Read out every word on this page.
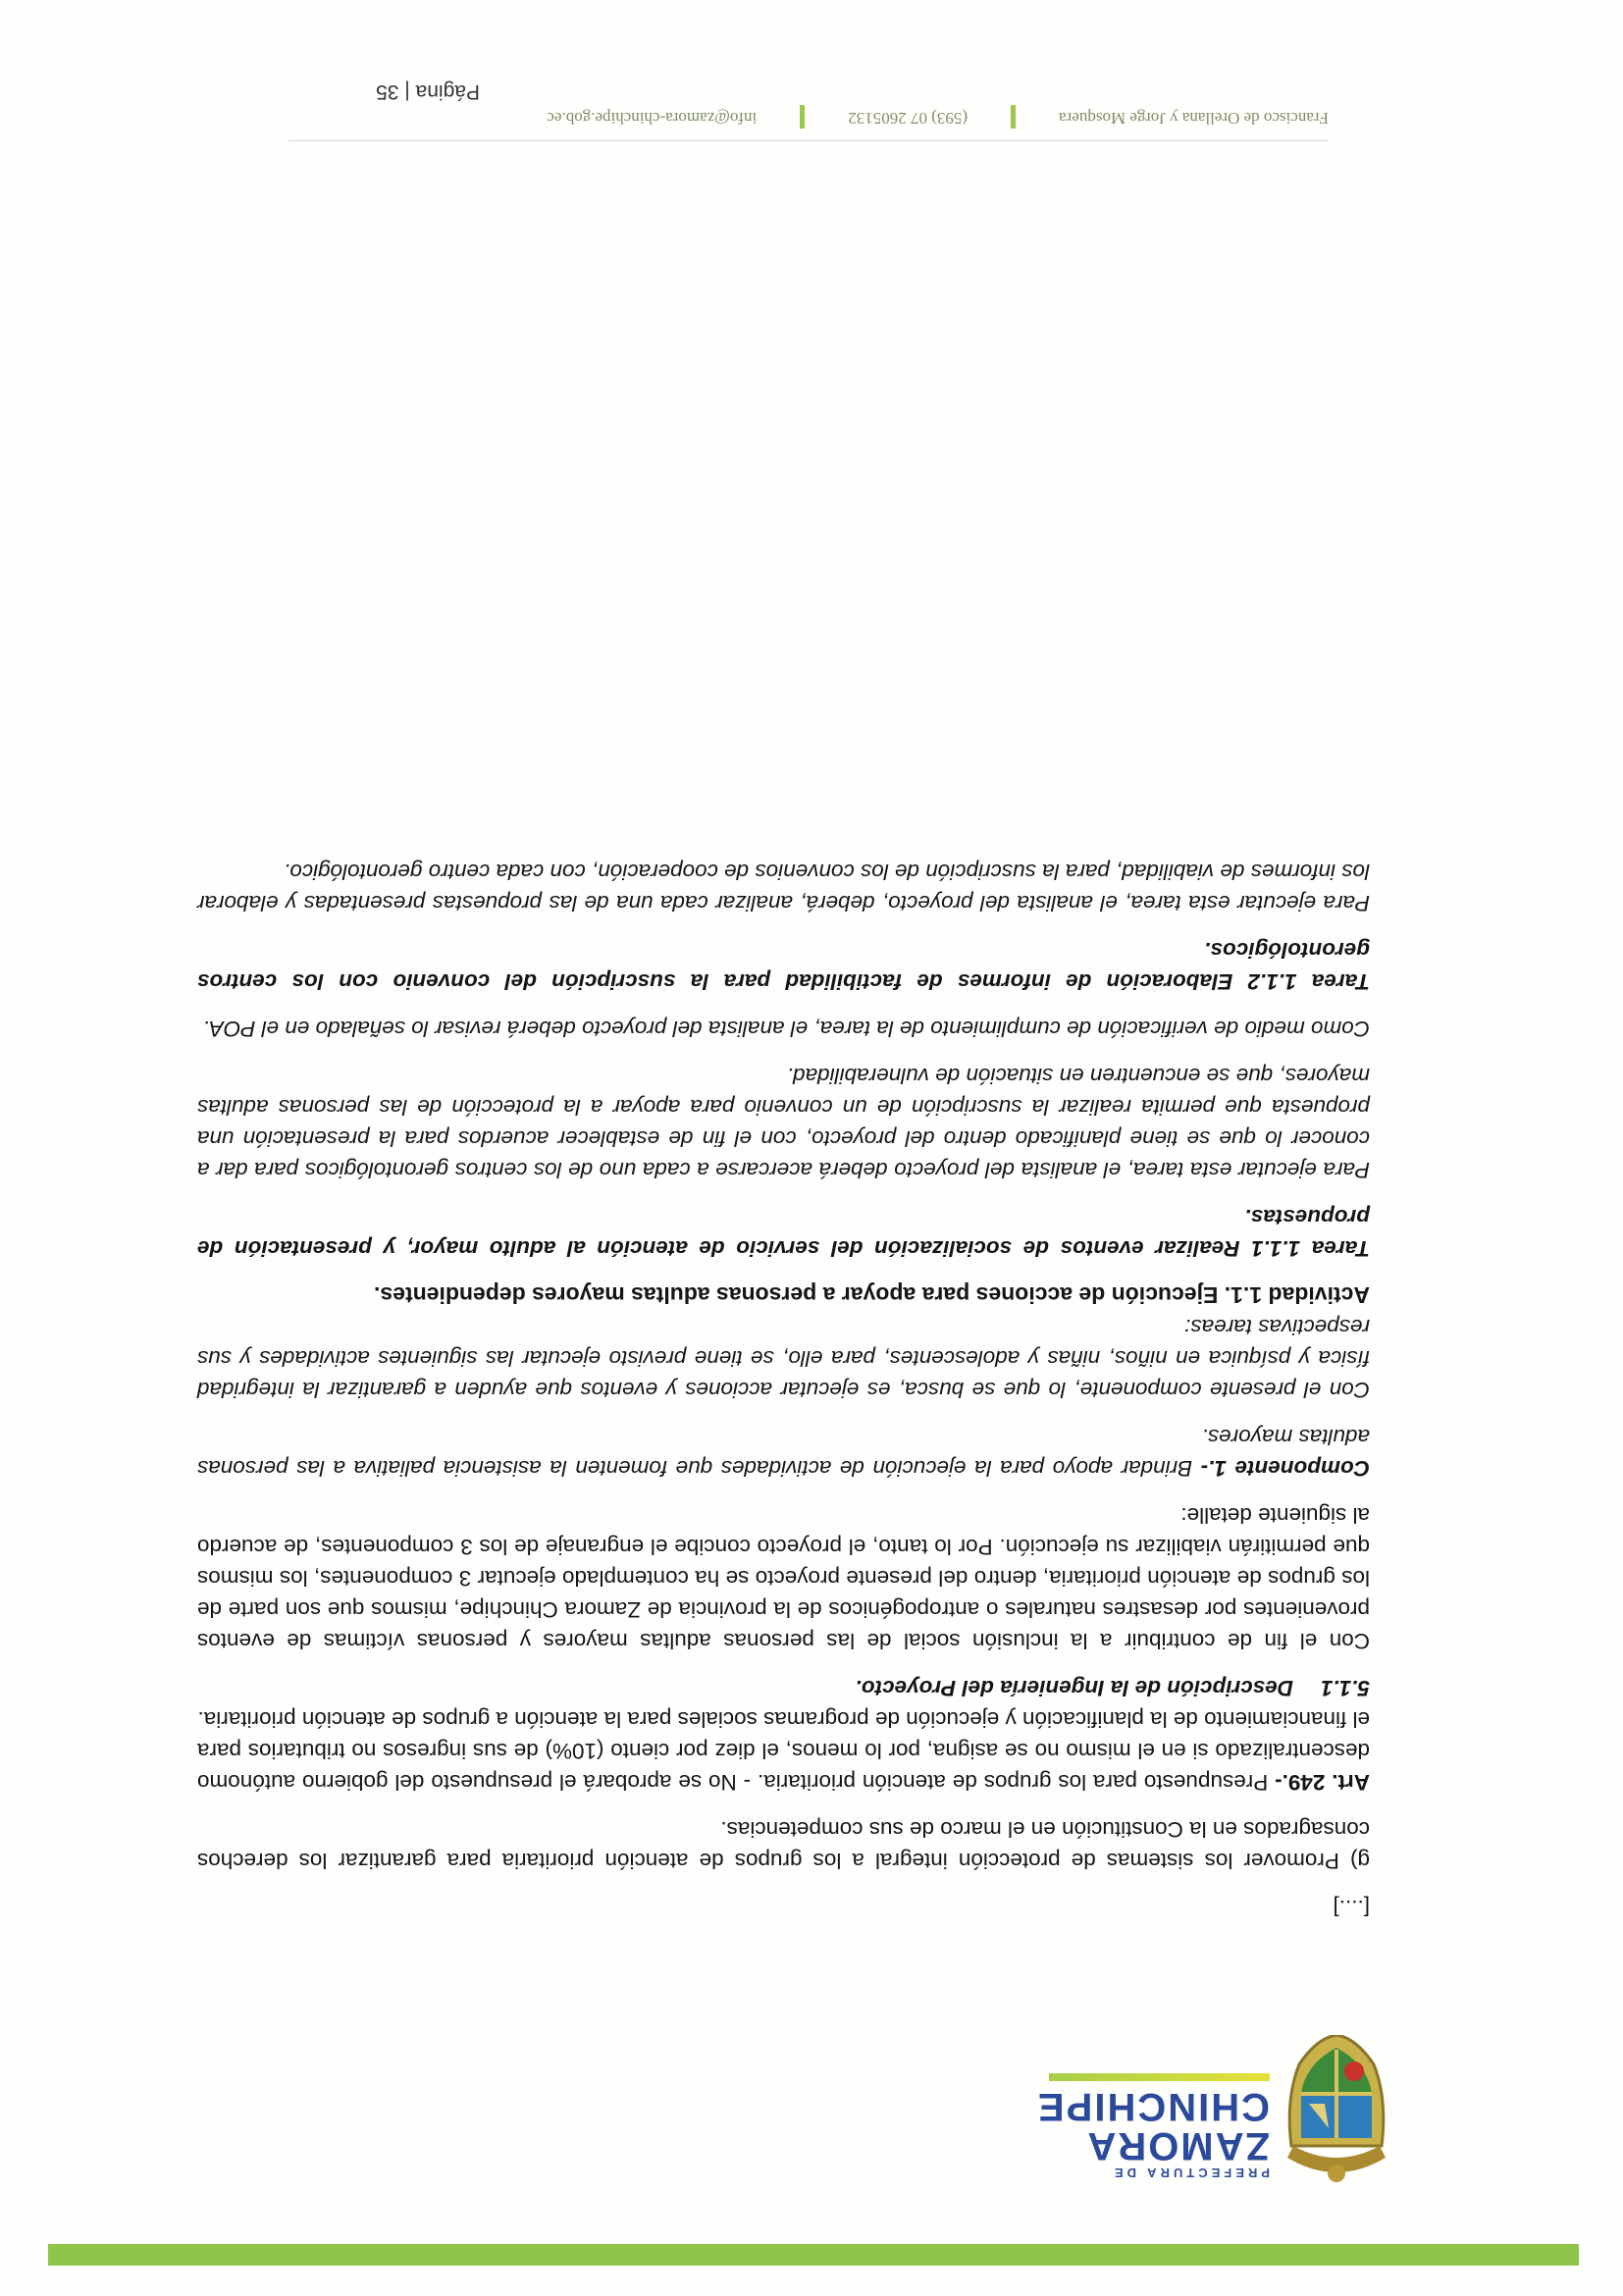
PREFECTURA DE
ZAMORA
CHINCHIPE

[....]

g) Promover los sistemas de protección integral a los grupos de atención prioritaria para garantizar los derechos consagrados en la Constitución en el marco de sus competencias.

Art. 249.- Presupuesto para los grupos de atención prioritaria. - No se aprobará el presupuesto del gobierno autónomo descentralizado si en el mismo no se asigna, por lo menos, el diez por ciento (10%) de sus ingresos no tributarios para el financiamiento de la planificación y ejecución de programas sociales para la atención a grupos de atención prioritaria.

5.1.1Descripción de la Ingeniería del Proyecto.

Con el fin de contribuir a la inclusión social de las personas adultas mayores y personas víctimas de eventos provenientes por desastres naturales o antropogénicos de la provincia de Zamora Chinchipe, mismos que son parte de los grupos de atención prioritaria, dentro del presente proyecto se ha contemplado ejecutar 3 componentes, los mismos que permitirán viabilizar su ejecución. Por lo tanto, el proyecto concibe el engranaje de los 3 componentes, de acuerdo al siguiente detalle:

Componente 1.- Brindar apoyo para la ejecución de actividades que fomenten la asistencia paliativa a las personas adultas mayores.

Con el presente componente, lo que se busca, es ejecutar acciones y eventos que ayuden a garantizar la integridad física y psíquica en niños, niñas y adolescentes, para ello, se tiene previsto ejecutar las siguientes actividades y sus respectivas tareas:

Actividad 1.1. Ejecución de acciones para apoyar a personas adultas mayores dependientes.

Tarea 1.1.1 Realizar eventos de socialización del servicio de atención al adulto mayor, y presentación de propuestas.

Para ejecutar esta tarea, el analista del proyecto deberá acercarse a cada uno de los centros gerontológicos para dar a conocer lo que se tiene planificado dentro del proyecto, con el fin de establecer acuerdos para la presentación una propuesta que permita realizar la suscripción de un convenio para apoyar a la protección de las personas adultas mayores, que se encuentren en situación de vulnerabilidad.

Como medio de verificación de cumplimiento de la tarea, el analista del proyecto deberá revisar lo señalado en el POA.

Tarea 1.1.2 Elaboración de informes de factibilidad para la suscripción del convenio con los centros gerontológicos.

Para ejecutar esta tarea, el analista del proyecto, deberá, analizar cada una de las propuestas presentadas y elaborar los informes de viabilidad, para la suscripción de los convenios de cooperación, con cada centro gerontológico.

Francisco de Orellana y Jorge Mosquera(593) 07 2605132info@zamora-chinchipe.gob.ec
Página | 35
